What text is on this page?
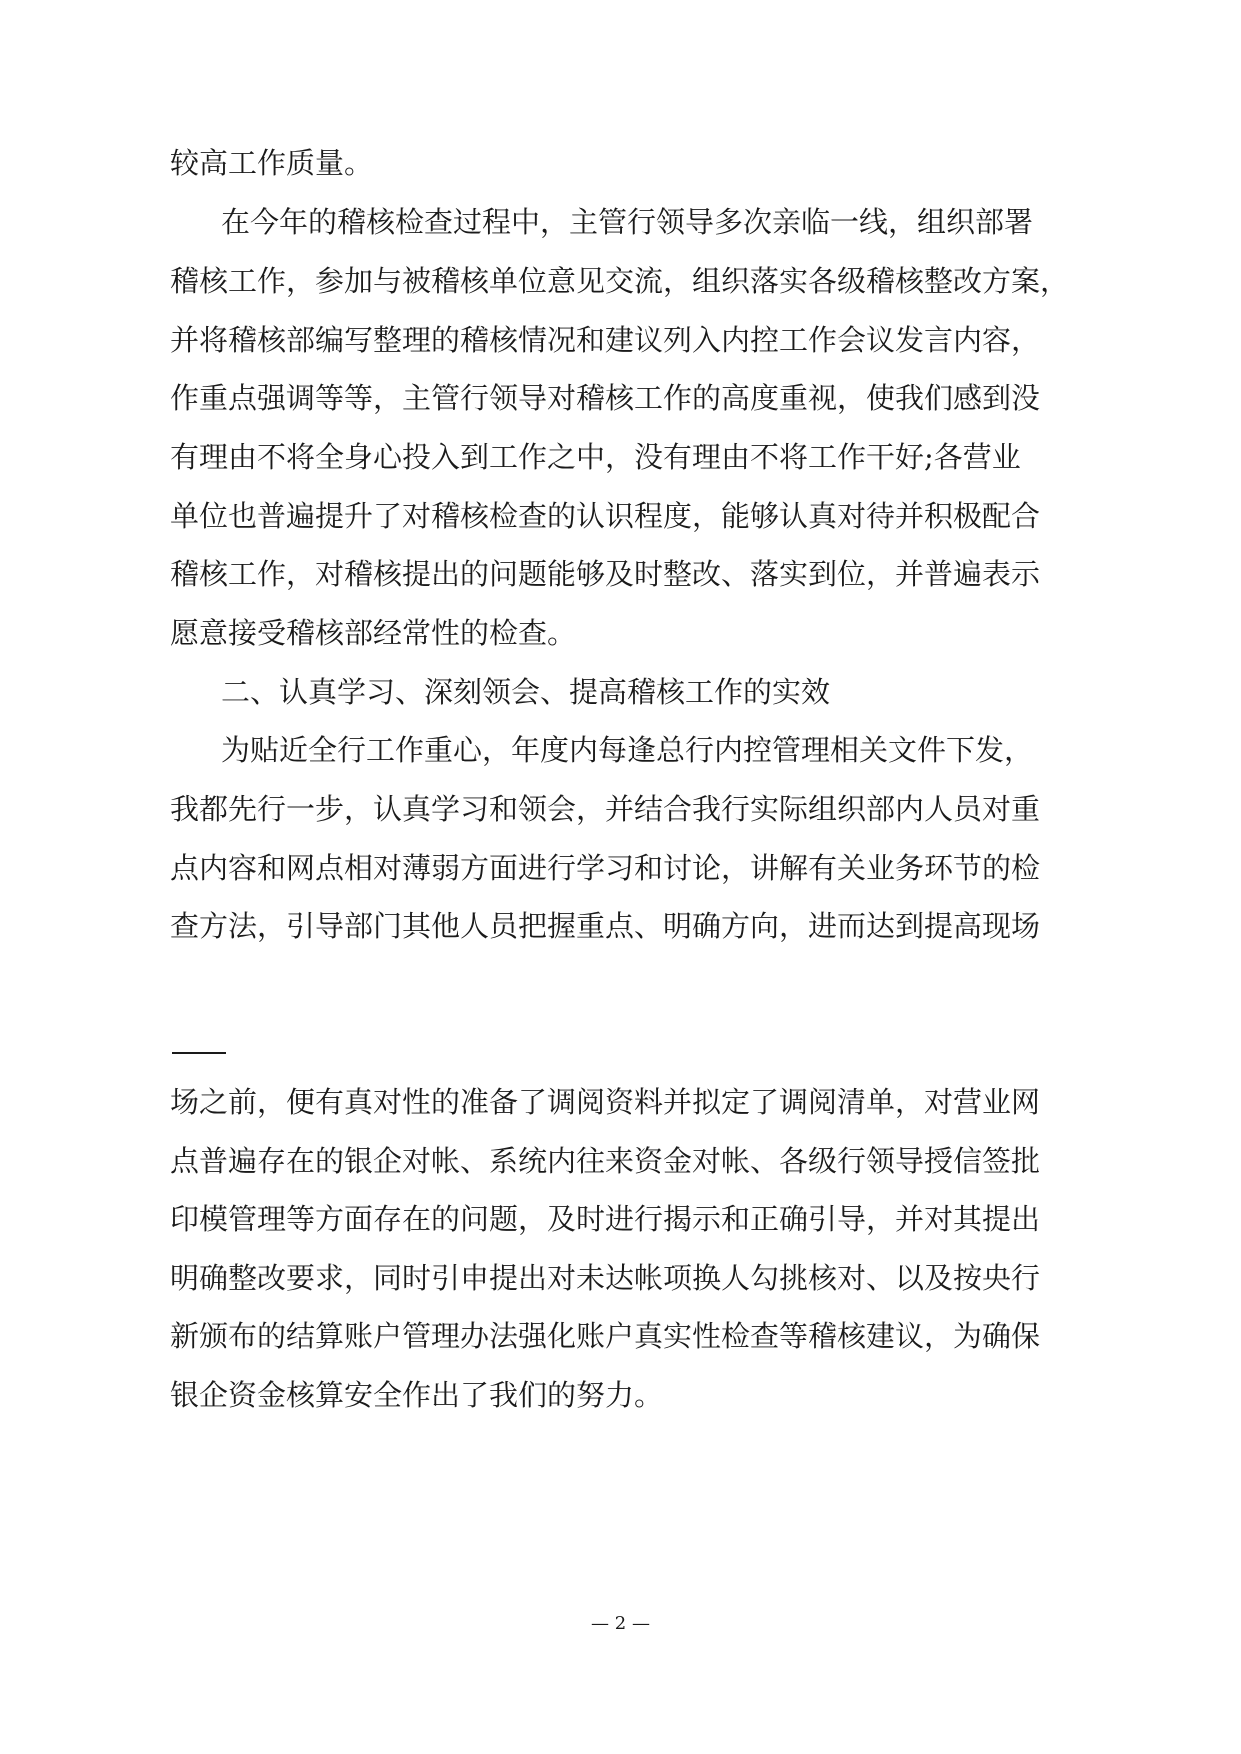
较高工作质量。
在今年的稽核检查过程中，主管行领导多次亲临一线，组织部署
稽核工作，参加与被稽核单位意见交流，组织落实各级稽核整改方案，
并将稽核部编写整理的稽核情况和建议列入内控工作会议发言内容，
作重点强调等等，主管行领导对稽核工作的高度重视，使我们感到没
有理由不将全身心投入到工作之中，没有理由不将工作干好;各营业
单位也普遍提升了对稽核检查的认识程度，能够认真对待并积极配合
稽核工作，对稽核提出的问题能够及时整改、落实到位，并普遍表示
愿意接受稽核部经常性的检查。
二、认真学习、深刻领会、提高稽核工作的实效
为贴近全行工作重心，年度内每逢总行内控管理相关文件下发，
我都先行一步，认真学习和领会，并结合我行实际组织部内人员对重
点内容和网点相对薄弱方面进行学习和讨论，讲解有关业务环节的检
查方法，引导部门其他人员把握重点、明确方向，进而达到提高现场
场之前，便有真对性的准备了调阅资料并拟定了调阅清单，对营业网
点普遍存在的银企对帐、系统内往来资金对帐、各级行领导授信签批
印模管理等方面存在的问题，及时进行揭示和正确引导，并对其提出
明确整改要求，同时引申提出对未达帐项换人勾挑核对、以及按央行
新颁布的结算账户管理办法强化账户真实性检查等稽核建议，为确保
银企资金核算安全作出了我们的努力。
— 2 —
